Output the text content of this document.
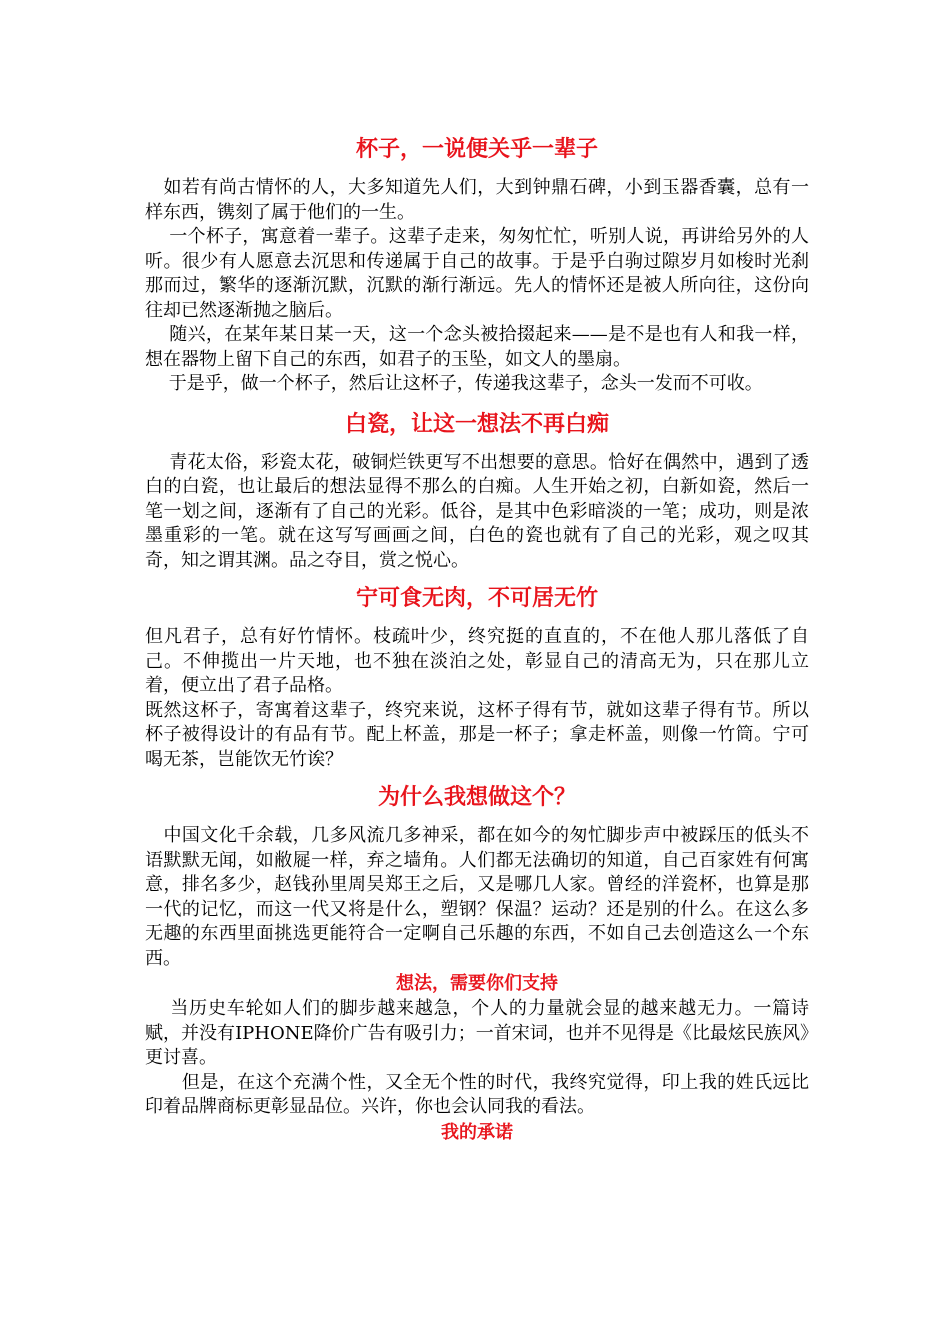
杯子，一说便关乎一辈子

　如若有尚古情怀的人，大多知道先人们，大到钟鼎石碑，小到玉器香囊，总有一样东西，镌刻了属于他们的一生。

　 一个杯子，寓意着一辈子。这辈子走来，匆匆忙忙，听别人说，再讲给另外的人听。很少有人愿意去沉思和传递属于自己的故事。于是乎白驹过隙岁月如梭时光刹那而过，繁华的逐渐沉默，沉默的渐行渐远。先人的情怀还是被人所向往，这份向往却已然逐渐抛之脑后。

　 随兴，在某年某日某一天，这一个念头被拾掇起来——是不是也有人和我一样，想在器物上留下自己的东西，如君子的玉坠，如文人的墨扇。

　 于是乎，做一个杯子，然后让这杯子，传递我这辈子，念头一发而不可收。

白瓷，让这一想法不再白痴

　 青花太俗，彩瓷太花，破铜烂铁更写不出想要的意思。恰好在偶然中，遇到了透白的白瓷，也让最后的想法显得不那么的白痴。人生开始之初，白新如瓷，然后一笔一划之间，逐渐有了自己的光彩。低谷，是其中色彩暗淡的一笔；成功，则是浓墨重彩的一笔。就在这写写画画之间，白色的瓷也就有了自己的光彩，观之叹其奇，知之谓其渊。品之夺目，赏之悦心。

宁可食无肉，不可居无竹

但凡君子，总有好竹情怀。枝疏叶少，终究挺的直直的，不在他人那儿落低了自己。不伸揽出一片天地，也不独在淡泊之处，彰显自己的清高无为，只在那儿立着，便立出了君子品格。

既然这杯子，寄寓着这辈子，终究来说，这杯子得有节，就如这辈子得有节。所以杯子被得设计的有品有节。配上杯盖，那是一杯子；拿走杯盖，则像一竹筒。宁可喝无茶，岂能饮无竹诶？

为什么我想做这个？

　中国文化千余载，几多风流几多神采，都在如今的匆忙脚步声中被踩压的低头不语默默无闻，如敝屣一样，弃之墙角。人们都无法确切的知道，自己百家姓有何寓意，排名多少，赵钱孙里周吴郑王之后，又是哪几人家。曾经的洋瓷杯，也算是那一代的记忆，而这一代又将是什么，塑钢？保温？运动？还是别的什么。在这么多无趣的东西里面挑选更能符合一定啊自己乐趣的东西，不如自己去创造这么一个东西。

想法，需要你们支持

　 当历史车轮如人们的脚步越来越急，个人的力量就会显的越来越无力。一篇诗赋，并没有IPHONE降价广告有吸引力；一首宋词，也并不见得是《比最炫民族风》更讨喜。

　　但是，在这个充满个性，又全无个性的时代，我终究觉得，印上我的姓氏远比印着品牌商标更彰显品位。兴许，你也会认同我的看法。

我的承诺
